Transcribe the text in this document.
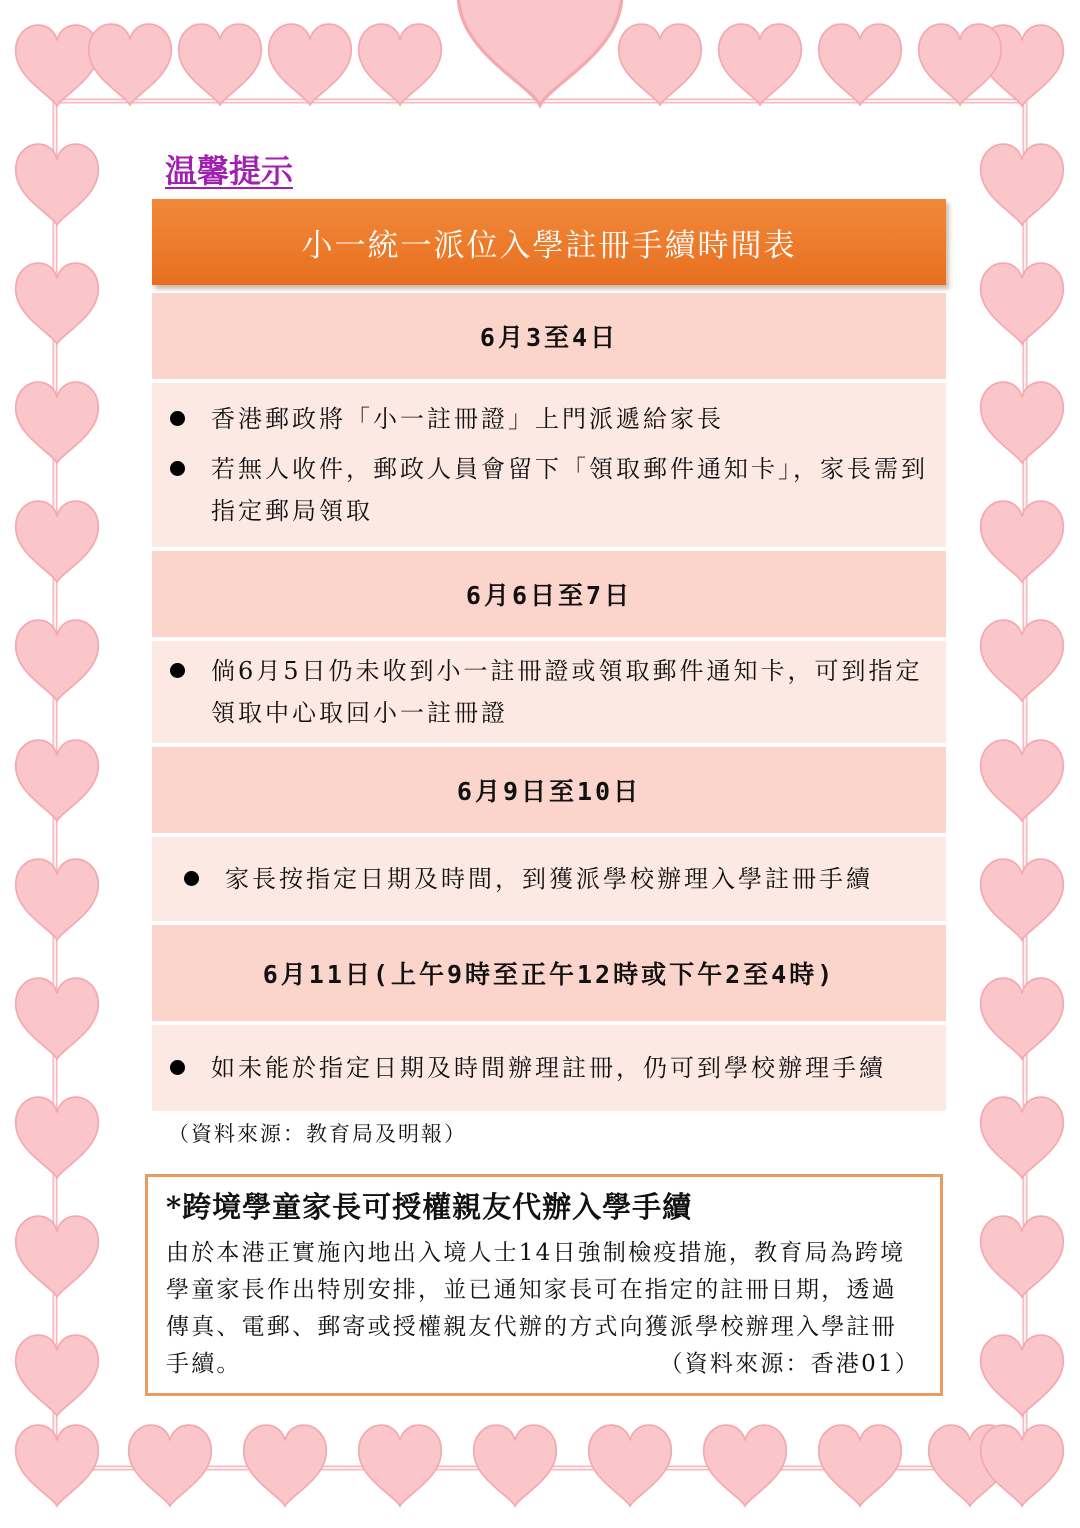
温馨提示
小一統一派位入學註冊手續時間表
6月3至4日
香港郵政將「小一註冊證」上門派遞給家長
若無人收件，郵政人員會留下「領取郵件通知卡」，家長需到指定郵局領取
6月6日至7日
倘6月5日仍未收到小一註冊證或領取郵件通知卡，可到指定領取中心取回小一註冊證
6月9日至10日
家長按指定日期及時間，到獲派學校辦理入學註冊手續
6月11日(上午9時至正午12時或下午2至4時)
如未能於指定日期及時間辦理註冊，仍可到學校辦理手續
（資料來源：教育局及明報）
*跨境學童家長可授權親友代辦入學手續
由於本港正實施內地出入境人士14日強制檢疫措施，教育局為跨境學童家長作出特別安排，並已通知家長可在指定的註冊日期，透過傳真、電郵、郵寄或授權親友代辦的方式向獲派學校辦理入學註冊手續。	（資料來源：香港01）
